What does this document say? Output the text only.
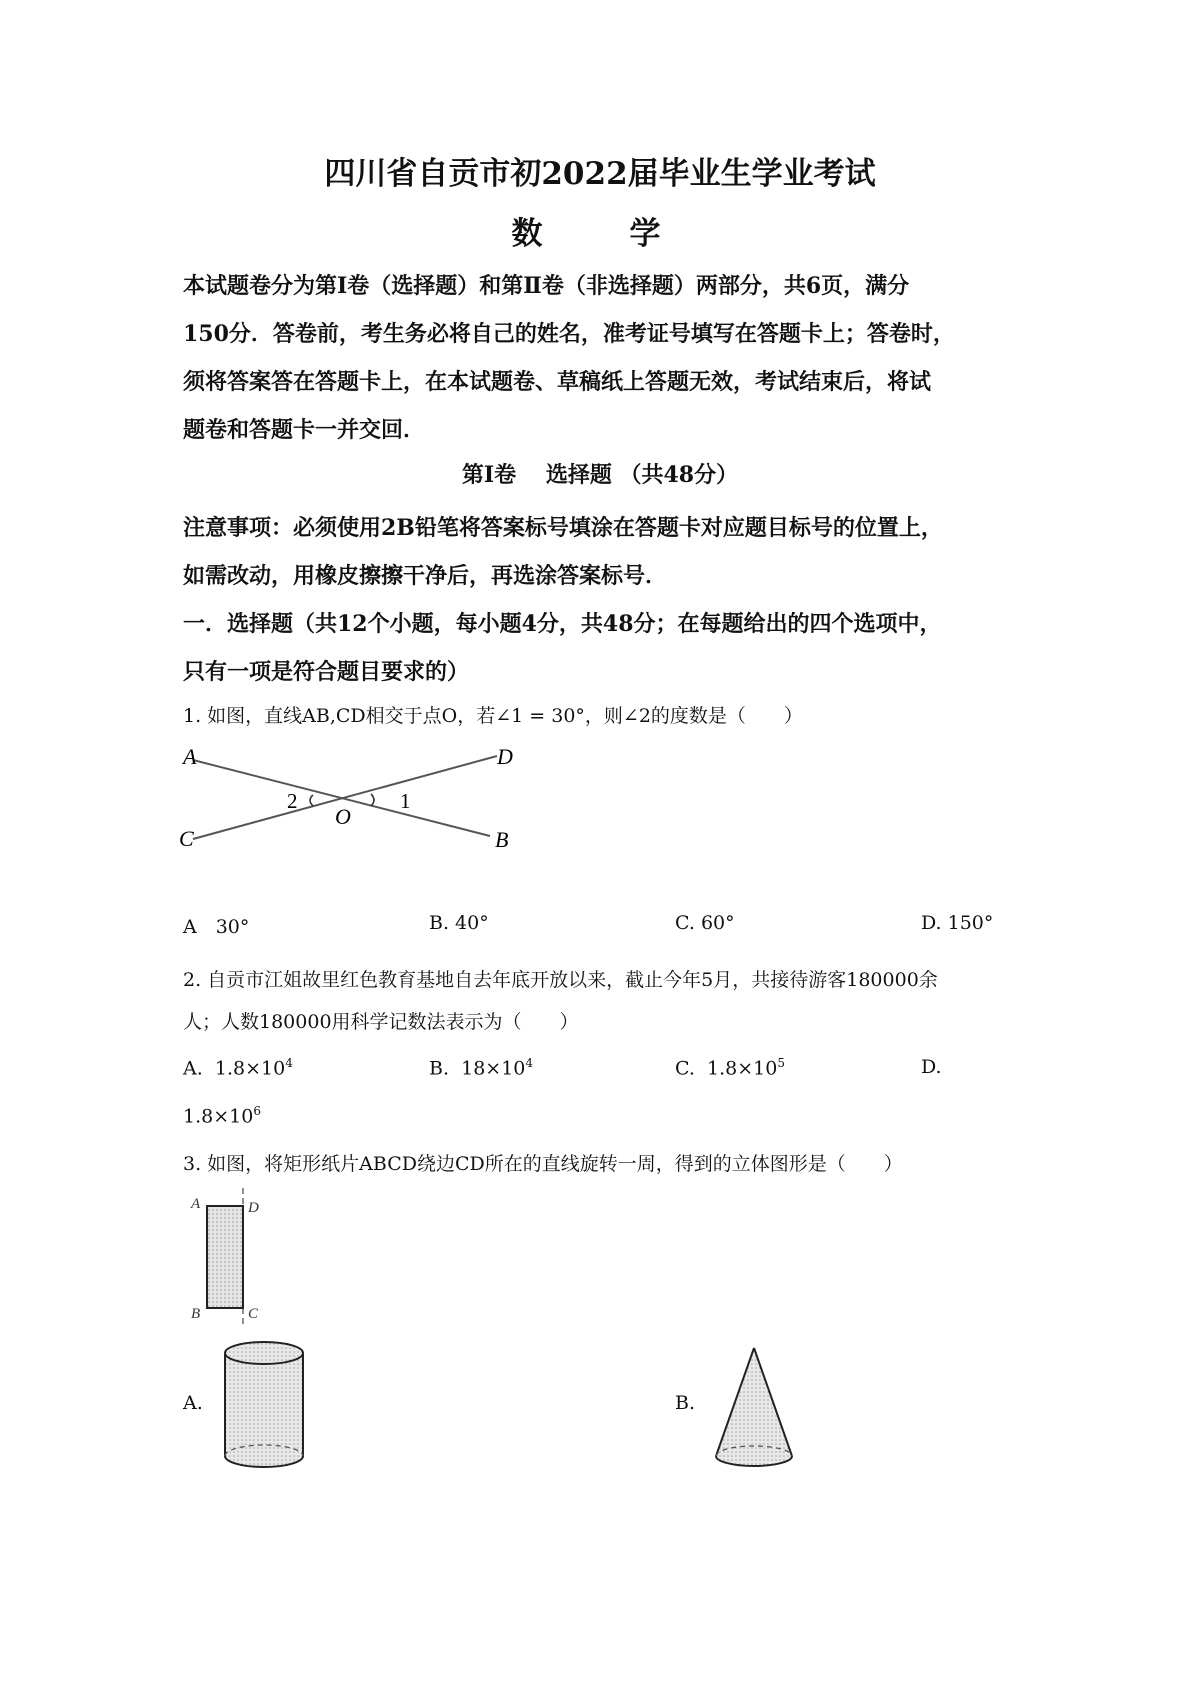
四川省自贡市初2022届毕业生学业考试
数　学
本试题卷分为第Ⅰ卷（选择题）和第Ⅱ卷（非选择题）两部分，共6页，满分
150分．答卷前，考生务必将自己的姓名，准考证号填写在答题卡上；答卷时，
须将答案答在答题卡上，在本试题卷、草稿纸上答题无效，考试结束后，将试
题卷和答题卡一并交回．
第Ⅰ卷　 选择题 （共48分）
注意事项：必须使用2B铅笔将答案标号填涂在答题卡对应题目标号的位置上，
如需改动，用橡皮擦擦干净后，再选涂答案标号．
一．选择题（共12个小题，每小题4分，共48分；在每题给出的四个选项中，
只有一项是符合题目要求的）
1. 如图，直线AB,CD相交于点O，若∠1 = 30°，则∠2的度数是（　　）
A	D
C	B
O
1
2
A　30°	B. 40°	C. 60°	D. 150°
2. 自贡市江姐故里红色教育基地自去年底开放以来，截止今年5月，共接待游客180000余
人；人数180000用科学记数法表示为（　　）
A. $1.8\times 10^4$	B. $18\times 10^4$	C. $1.8\times 10^5$	D.
$1.8\times 10^6$
3. 如图，将矩形纸片ABCD绕边CD所在的直线旋转一周，得到的立体图形是（　　）
A	D
B	C
A.	B.
